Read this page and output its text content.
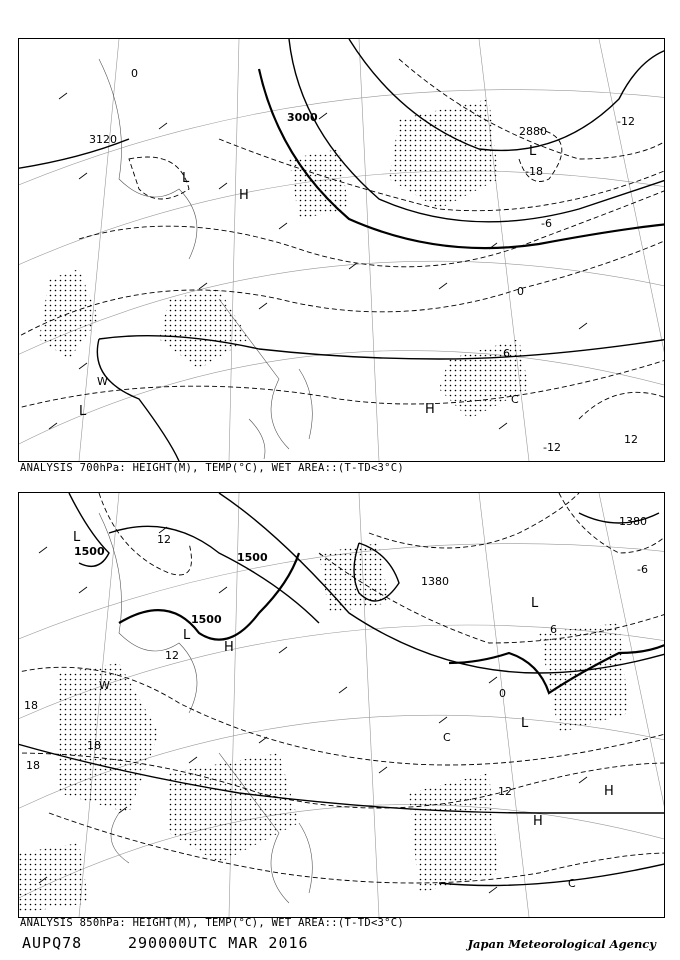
3000
3120
2880
0
-6
-12
-18
0
6
-12
12
L
H
L
H
L
W
C
ANALYSIS 700hPa: HEIGHT(M), TEMP(°C), WET AREA::(T-TD<3°C)
1500	1500
1500
1380
1380
12
18
18
18
0
6
12
-6
12
L
L
H
W
L
L
H
H
C
C
ANALYSIS 850hPa: HEIGHT(M), TEMP(°C), WET AREA::(T-TD<3°C)
AUPQ78	290000UTC MAR 2016	Japan Meteorological Agency
